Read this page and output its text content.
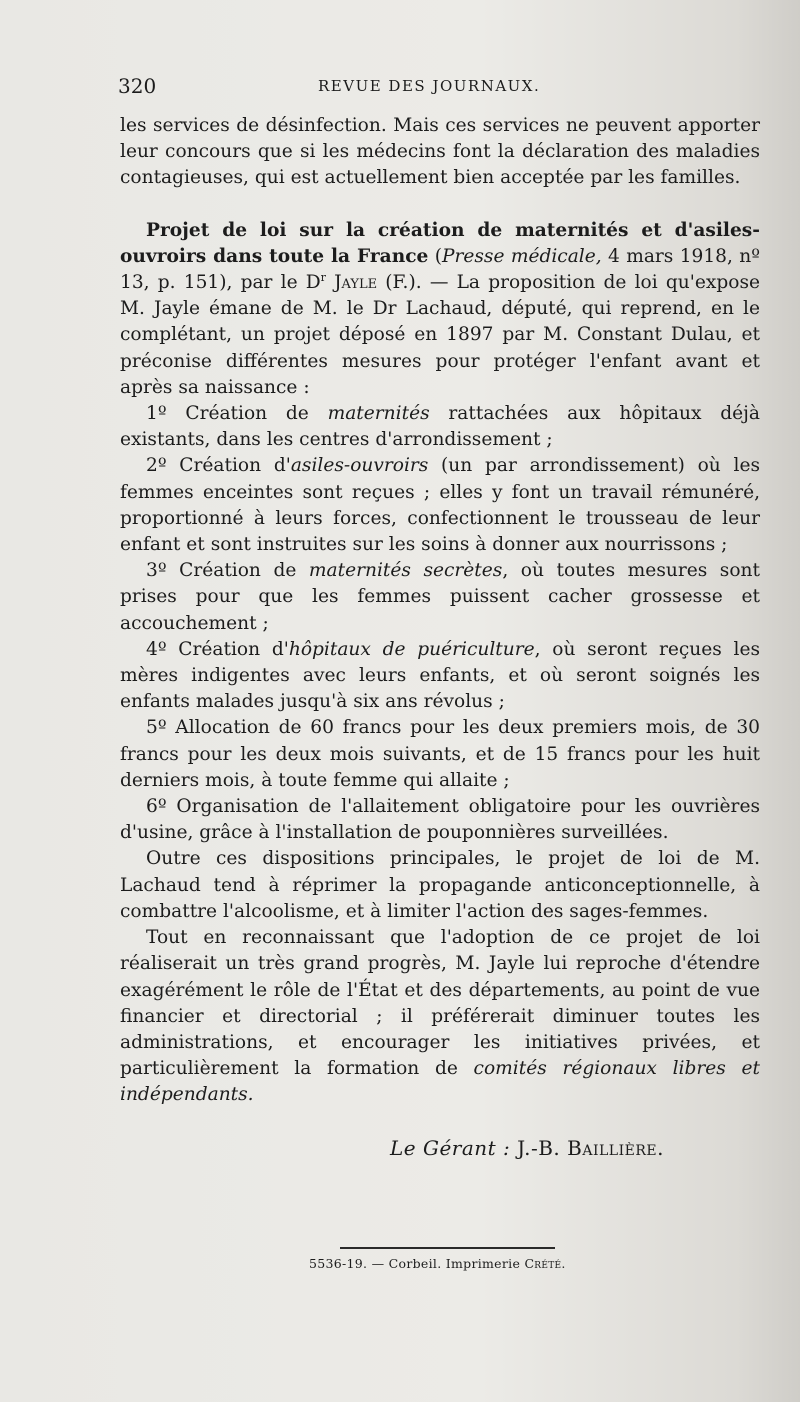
320	REVUE DES JOURNAUX.

les services de désinfection. Mais ces services ne peuvent apporter leur concours que si les médecins font la déclaration des maladies contagieuses, qui est actuellement bien acceptée par les familles.

Projet de loi sur la création de maternités et d'asiles-ouvroirs dans toute la France (Presse médicale, 4 mars 1918, nº 13, p. 151), par le $D^r$ Jayle (F.). — La proposition de loi qu'expose M. Jayle émane de M. le Dr Lachaud, député, qui reprend, en le complétant, un projet déposé en 1897 par M. Constant Dulau, et préconise différentes mesures pour protéger l'enfant avant et après sa naissance :

1º Création de maternités rattachées aux hôpitaux déjà existants, dans les centres d'arrondissement ;

2º Création d'asiles-ouvroirs (un par arrondissement) où les femmes enceintes sont reçues ; elles y font un travail rémunéré, proportionné à leurs forces, confectionnent le trousseau de leur enfant et sont instruites sur les soins à donner aux nourrissons ;

3º Création de maternités secrètes, où toutes mesures sont prises pour que les femmes puissent cacher grossesse et accouchement ;

4º Création d'hôpitaux de puériculture, où seront reçues les mères indigentes avec leurs enfants, et où seront soignés les enfants malades jusqu'à six ans révolus ;

5º Allocation de 60 francs pour les deux premiers mois, de 30 francs pour les deux mois suivants, et de 15 francs pour les huit derniers mois, à toute femme qui allaite ;

6º Organisation de l'allaitement obligatoire pour les ouvrières d'usine, grâce à l'installation de pouponnières surveillées.

Outre ces dispositions principales, le projet de loi de M. Lachaud tend à réprimer la propagande anticonceptionnelle, à combattre l'alcoolisme, et à limiter l'action des sages-femmes.

Tout en reconnaissant que l'adoption de ce projet de loi réaliserait un très grand progrès, M. Jayle lui reproche d'étendre exagérément le rôle de l'État et des départements, au point de vue financier et directorial ; il préférerait diminuer toutes les administrations, et encourager les initiatives privées, et particulièrement la formation de comités régionaux libres et indépendants.

Le Gérant : J.-B. Baillière.
5536-19. — Corbeil. Imprimerie Crété.
